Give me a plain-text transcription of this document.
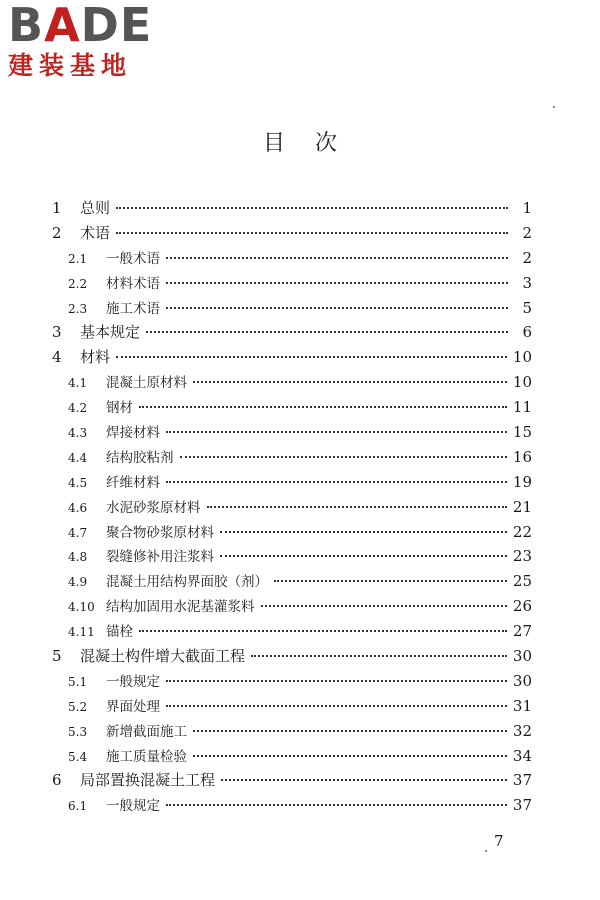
BADE
建装基地
目次
1	总则	1
2	术语	2
2.1	一般术语	2
2.2	材料术语	3
2.3	施工术语	5
3	基本规定	6
4	材料	10
4.1	混凝土原材料	10
4.2	钢材	11
4.3	焊接材料	15
4.4	结构胶粘剂	16
4.5	纤维材料	19
4.6	水泥砂浆原材料	21
4.7	聚合物砂浆原材料	22
4.8	裂缝修补用注浆料	23
4.9	混凝土用结构界面胶（剂）	25
4.10 结构加固用水泥基灌浆料	26
4.11 锚栓	27
5	混凝土构件增大截面工程	30
5.1	一般规定	30
5.2	界面处理	31
5.3	新增截面施工	32
5.4	施工质量检验	34
6	局部置换混凝土工程	37
6.1	一般规定	37
7
